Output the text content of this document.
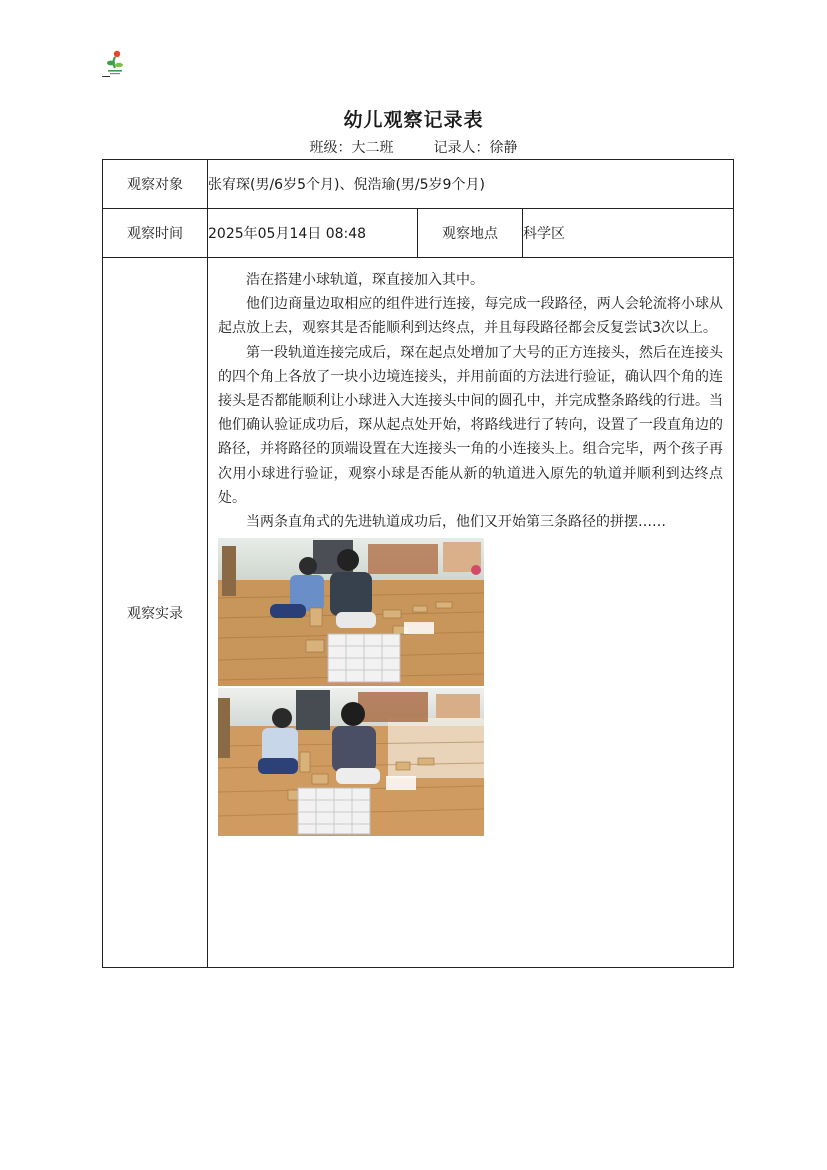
幼儿观察记录表
班级：大二班	记录人：徐静
观察对象	张宥琛(男/6岁5个月)、倪浩瑜(男/5岁9个月)		
观察时间	2025年05月14日 08:48	观察地点	科学区
观察实录	浩在搭建小球轨道，琛直接加入其中。

他们边商量边取相应的组件进行连接，每完成一段路径，两人会轮流将小球从起点放上去，观察其是否能顺利到达终点，并且每段路径都会反复尝试3次以上。

第一段轨道连接完成后，琛在起点处增加了大号的正方连接头，然后在连接头的四个角上各放了一块小边境连接头，并用前面的方法进行验证，确认四个角的连接头是否都能顺利让小球进入大连接头中间的圆孔中，并完成整条路线的行进。当他们确认验证成功后，琛从起点处开始，将路线进行了转向，设置了一段直角边的路径，并将路径的顶端设置在大连接头一角的小连接头上。组合完毕，两个孩子再次用小球进行验证，观察小球是否能从新的轨道进入原先的轨道并顺利到达终点处。

当两条直角式的先进轨道成功后，他们又开始第三条路径的拼摆……		
